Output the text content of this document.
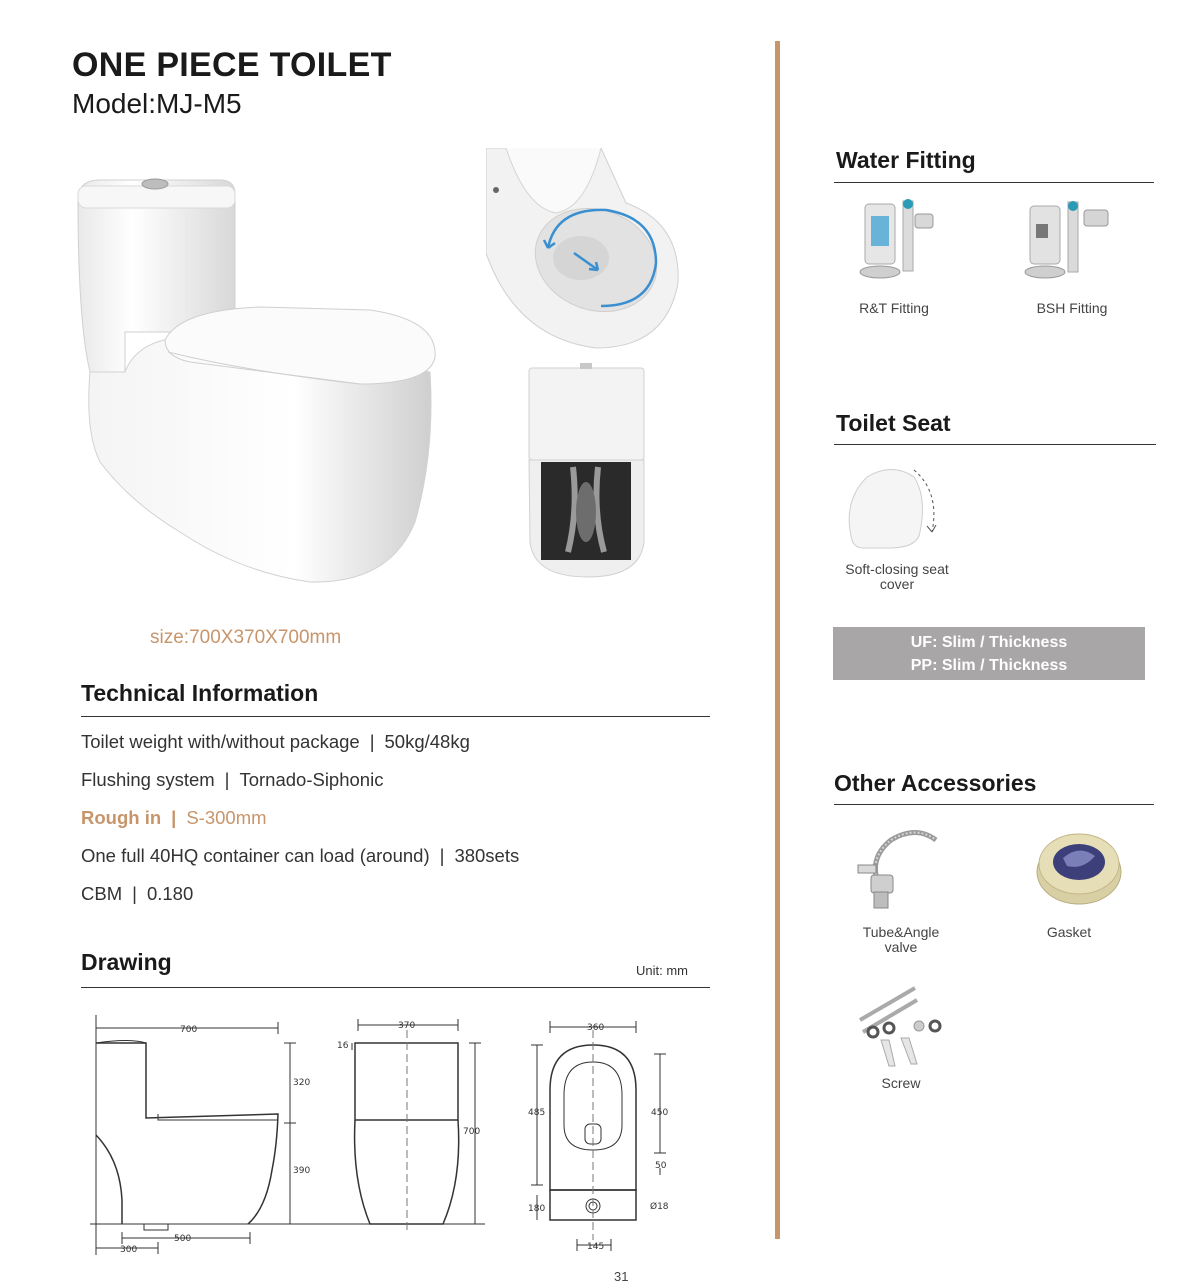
ONE PIECE TOILET
Model:MJ-M5
size:700X370X700mm
Technical Information
Toilet weight with/without package | 50kg/48kg
Flushing system | Tornado-Siphonic
Rough in | S-300mm
One full 40HQ container can load (around) | 380sets
CBM | 0.180
Drawing	Unit: mm
700
320
390
300
500
370
16
700
360
485	450
50
180
145
Ø18
Water Fitting
R&T Fitting	BSH Fitting
Toilet Seat
Soft-closing seat
cover
UF: Slim / Thickness
PP: Slim / Thickness
Other Accessories
Tube&Angle
valve
Gasket
Screw
31
